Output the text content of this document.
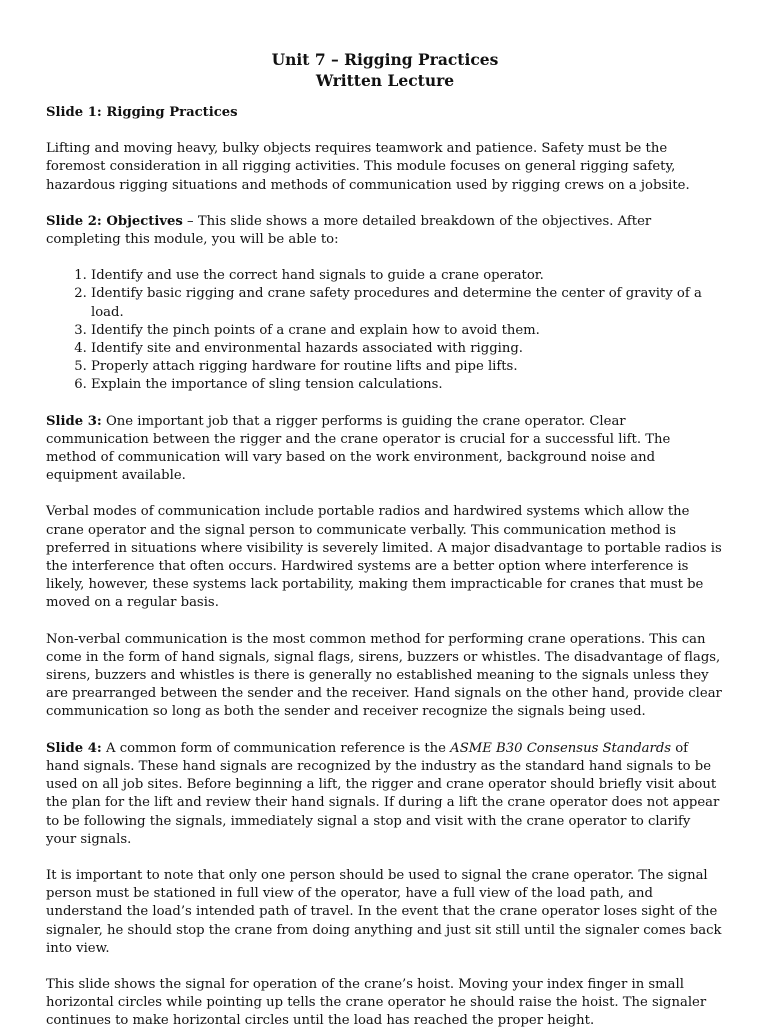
Unit 7 – Rigging Practices
Written Lecture

Slide 1: Rigging Practices

Lifting and moving heavy, bulky objects requires teamwork and patience. Safety must be the foremost consideration in all rigging activities. This module focuses on general rigging safety, hazardous rigging situations and methods of communication used by rigging crews on a jobsite.

Slide 2: Objectives – This slide shows a more detailed breakdown of the objectives. After completing this module, you will be able to:

1. Identify and use the correct hand signals to guide a crane operator.
2. Identify basic rigging and crane safety procedures and determine the center of gravity of a load.
3. Identify the pinch points of a crane and explain how to avoid them.
4. Identify site and environmental hazards associated with rigging.
5. Properly attach rigging hardware for routine lifts and pipe lifts.
6. Explain the importance of sling tension calculations.

Slide 3: One important job that a rigger performs is guiding the crane operator. Clear communication between the rigger and the crane operator is crucial for a successful lift. The method of communication will vary based on the work environment, background noise and equipment available.

Verbal modes of communication include portable radios and hardwired systems which allow the crane operator and the signal person to communicate verbally. This communication method is preferred in situations where visibility is severely limited. A major disadvantage to portable radios is the interference that often occurs. Hardwired systems are a better option where interference is likely, however, these systems lack portability, making them impracticable for cranes that must be moved on a regular basis.

Non-verbal communication is the most common method for performing crane operations. This can come in the form of hand signals, signal flags, sirens, buzzers or whistles. The disadvantage of flags, sirens, buzzers and whistles is there is generally no established meaning to the signals unless they are prearranged between the sender and the receiver. Hand signals on the other hand, provide clear communication so long as both the sender and receiver recognize the signals being used.

Slide 4: A common form of communication reference is the ASME B30 Consensus Standards of hand signals. These hand signals are recognized by the industry as the standard hand signals to be used on all job sites. Before beginning a lift, the rigger and crane operator should briefly visit about the plan for the lift and review their hand signals. If during a lift the crane operator does not appear to be following the signals, immediately signal a stop and visit with the crane operator to clarify your signals.

It is important to note that only one person should be used to signal the crane operator. The signal person must be stationed in full view of the operator, have a full view of the load path, and understand the load’s intended path of travel. In the event that the crane operator loses sight of the signaler, he should stop the crane from doing anything and just sit still until the signaler comes back into view.

This slide shows the signal for operation of the crane’s hoist. Moving your index finger in small horizontal circles while pointing up tells the crane operator he should raise the hoist. The signaler continues to make horizontal circles until the load has reached the proper height.
